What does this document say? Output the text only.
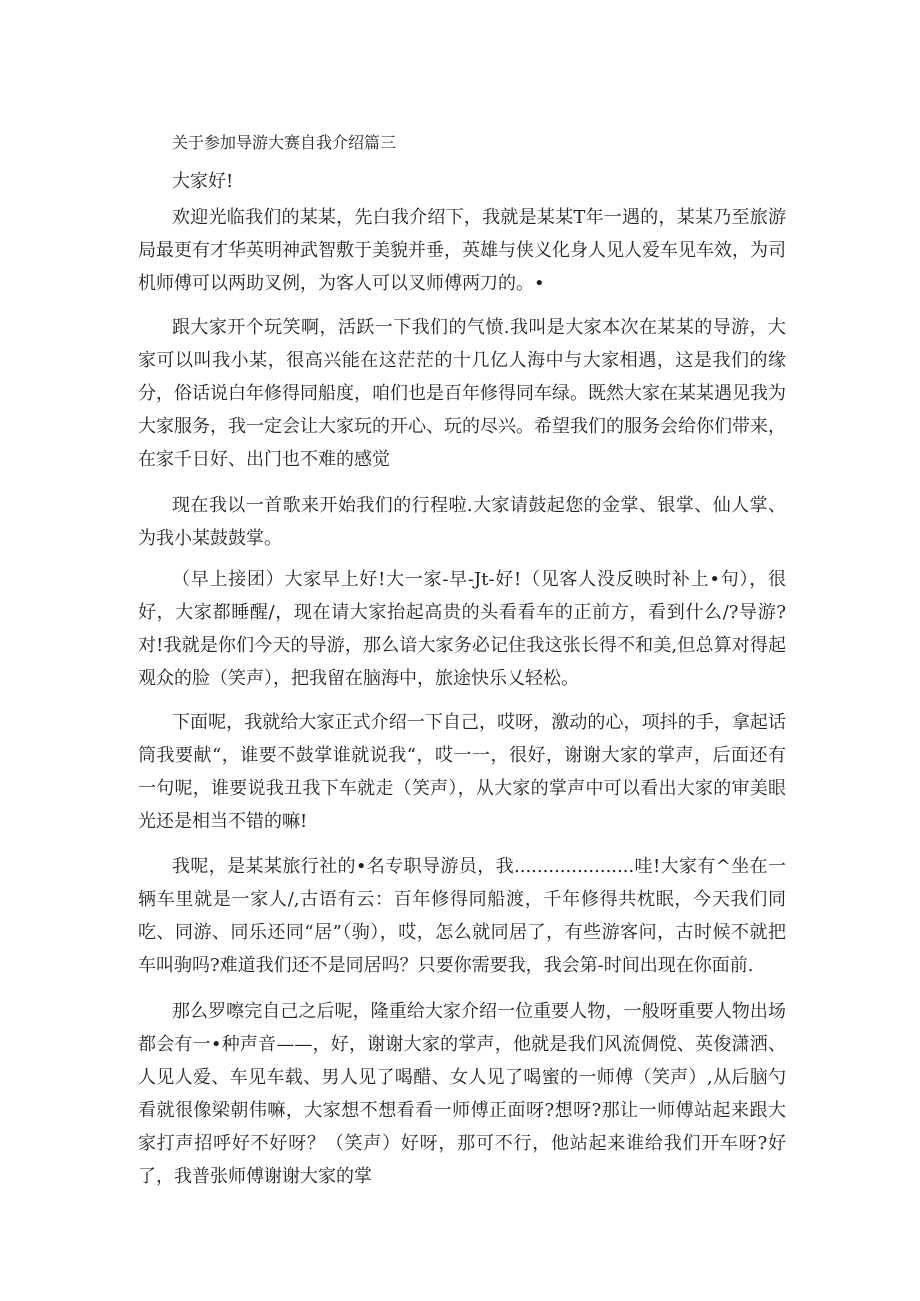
关于参加导游大赛自我介绍篇三
大家好!

欢迎光临我们的某某，先白我介绍下，我就是某某T年一遇的，某某乃至旅游局最更有才华英明神武智敷于美貌并垂，英雄与侠义化身人见人爱车见车效，为司机师傅可以两助叉例，为客人可以叉师傅两刀的。•

跟大家开个玩笑啊，活跃一下我们的气愤.我叫是大家本次在某某的导游，大家可以叫我小某，很高兴能在这茫茫的十几亿人海中与大家相遇，这是我们的缘分，俗话说白年修得同船度，咱们也是百年修得同车绿。既然大家在某某遇见我为大家服务，我一定会让大家玩的开心、玩的尽兴。希望我们的服务会给你们带来，在家千日好、出门也不难的感觉

现在我以一首歌来开始我们的行程啦.大家请鼓起您的金掌、银掌、仙人掌、为我小某鼓鼓掌。

（早上接团）大家早上好!大一家-早-Jt-好!（见客人没反映时补上•句），很好，大家都睡醒/，现在请大家抬起高贵的头看看车的正前方，看到什么/?导游?对!我就是你们今天的导游，那么谙大家务必记住我这张长得不和美,但总算对得起观众的脸（笑声），把我留在脑海中，旅途快乐乂轻松。

下面呢，我就给大家正式介绍一下自己，哎呀，激动的心，项抖的手，拿起话筒我要献“，谁要不鼓掌谁就说我“，哎一一，很好，谢谢大家的掌声，后面还有一句呢，谁要说我丑我下车就走（笑声），从大家的掌声中可以看出大家的审美眼光还是相当不错的嘛!

我呢，是某某旅行社的•名专职导游员，我.....................哇!大家有^坐在一辆车里就是一家人/,古语有云：百年修得同船渡，千年修得共枕眠，今天我们同吃、同游、同乐还同“居”（驹），哎，怎么就同居了，有些游客问，古时候不就把车叫驹吗?难道我们还不是同居吗？只要你需要我，我会第-时间出现在你面前.

那么罗嚓完自己之后呢，隆重给大家介绍一位重要人物，一般呀重要人物出场都会有一•种声音——，好，谢谢大家的掌声，他就是我们风流倜傥、英俊潇洒、人见人爱、车见车载、男人见了喝醋、女人见了喝蜜的一师傅（笑声）,从后脑勺看就很像梁朝伟嘛，大家想不想看看一师傅正面呀?想呀?那让一师傅站起来跟大家打声招呼好不好呀？（笑声）好呀，那可不行，他站起来谁给我们开车呀?好了，我普张师傅谢谢大家的掌
